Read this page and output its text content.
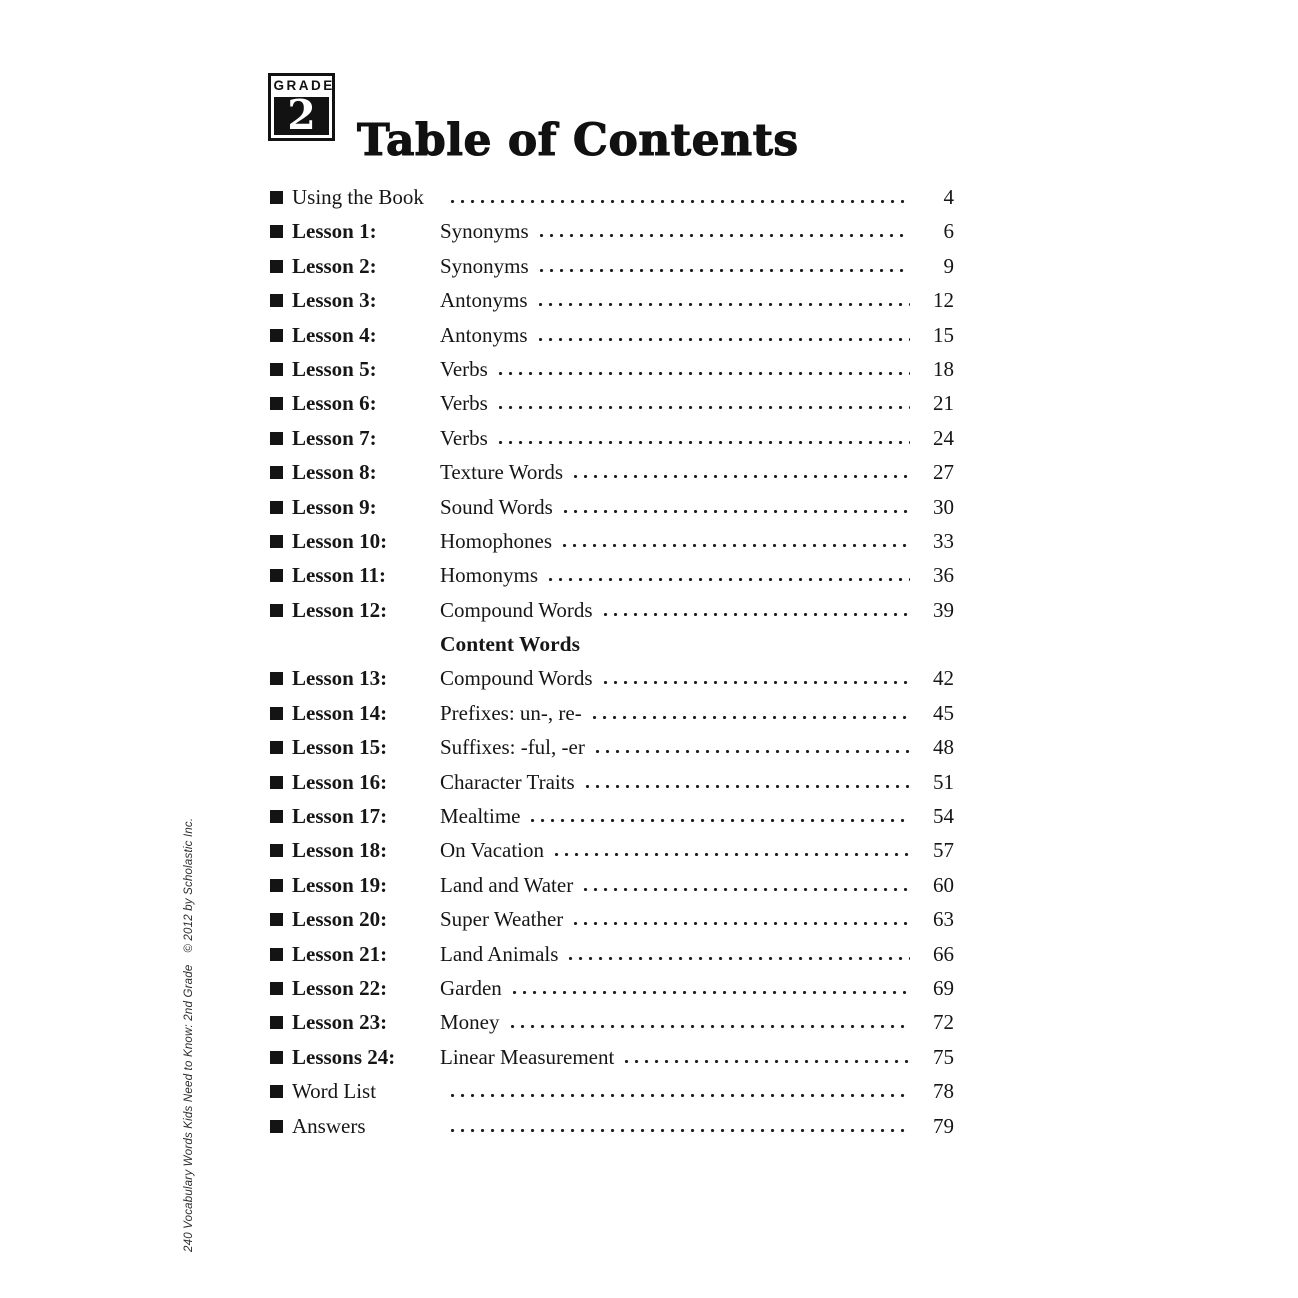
GRADE
2
Table of Contents
Using the Book	4
Lesson 1:	Synonyms	6
Lesson 2:	Synonyms	9
Lesson 3:	Antonyms	12
Lesson 4:	Antonyms	15
Lesson 5:	Verbs	18
Lesson 6:	Verbs	21
Lesson 7:	Verbs	24
Lesson 8:	Texture Words	27
Lesson 9:	Sound Words	30
Lesson 10:	Homophones	33
Lesson 11:	Homonyms	36
Lesson 12:	Compound Words	39
Content Words
Lesson 13:	Compound Words	42
Lesson 14:	Prefixes: un-, re-	45
Lesson 15:	Suffixes: -ful, -er	48
Lesson 16:	Character Traits	51
Lesson 17:	Mealtime	54
Lesson 18:	On Vacation	57
Lesson 19:	Land and Water	60
Lesson 20:	Super Weather	63
Lesson 21:	Land Animals	66
Lesson 22:	Garden	69
Lesson 23:	Money	72
Lessons 24: Linear Measurement	75
Word List	78
Answers	79
240 Vocabulary Words Kids Need to Know: 2nd Grade  © 2012 by Scholastic Inc.
